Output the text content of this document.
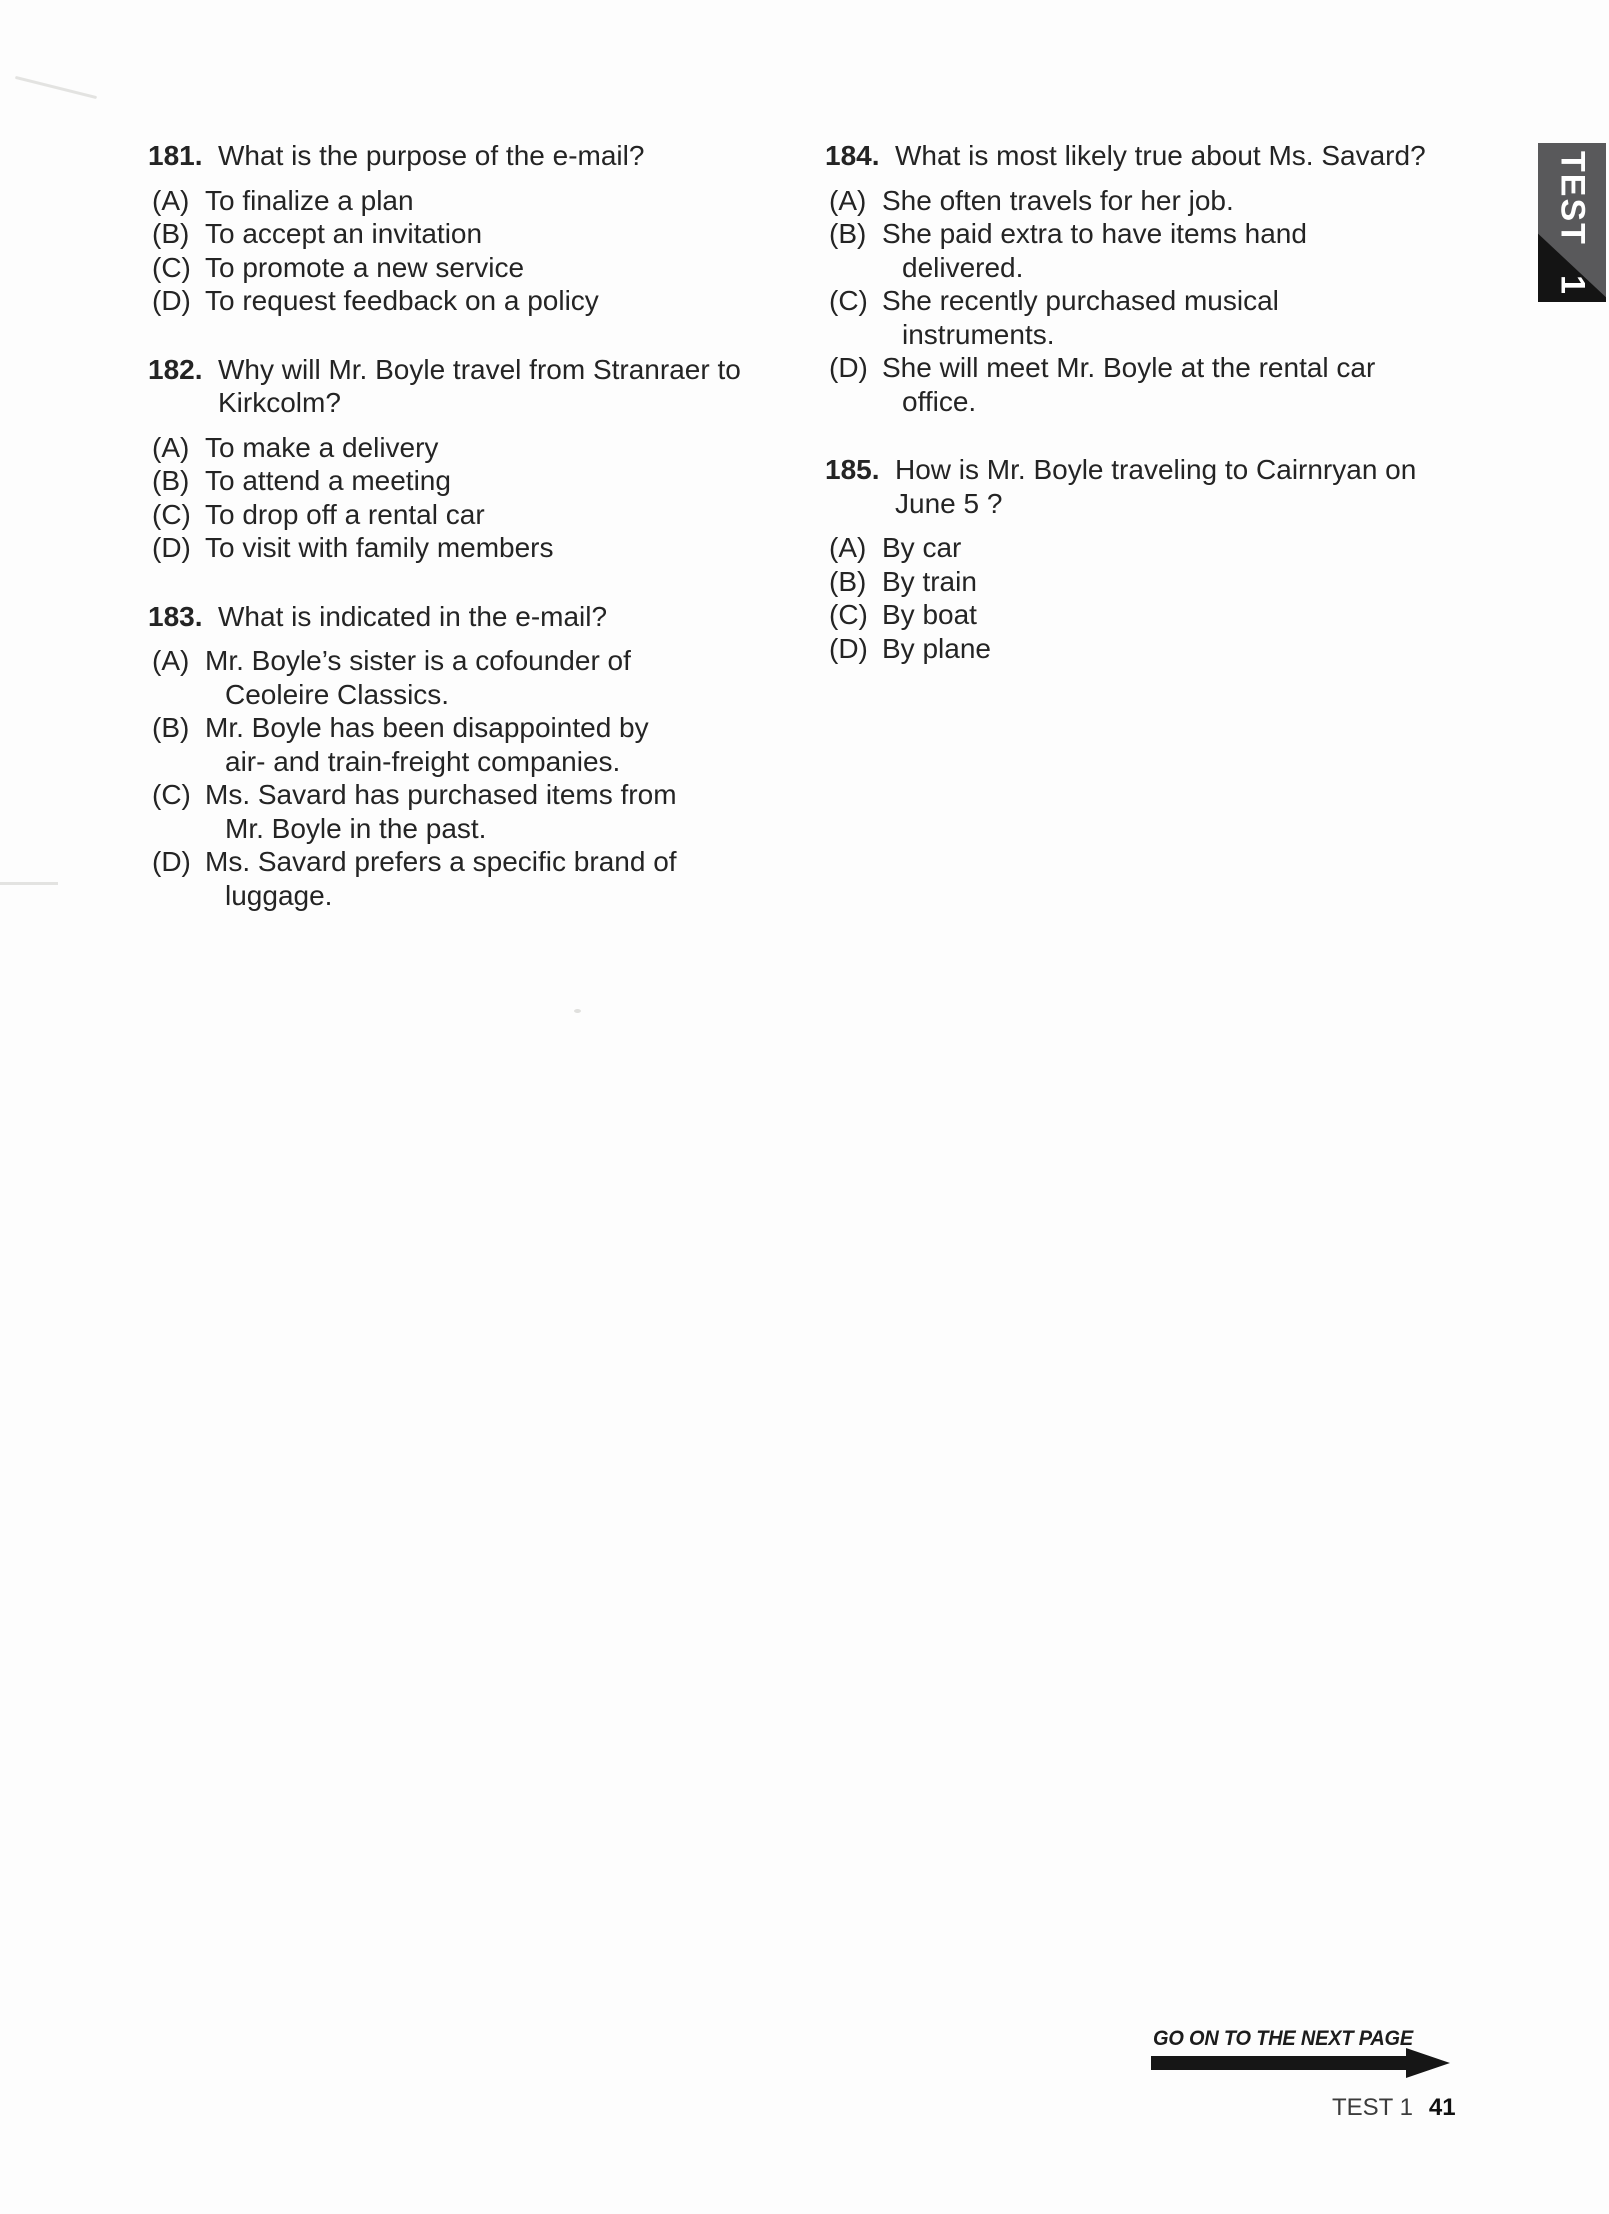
181. What is the purpose of the e-mail?
(A) To finalize a plan
(B) To accept an invitation
(C) To promote a new service
(D) To request feedback on a policy
182. Why will Mr. Boyle travel from Stranraer to
Kirkcolm?
(A) To make a delivery
(B) To attend a meeting
(C) To drop off a rental car
(D) To visit with family members
183. What is indicated in the e-mail?
(A) Mr. Boyle’s sister is a cofounder of
Ceoleire Classics.
(B) Mr. Boyle has been disappointed by
air- and train-freight companies.
(C) Ms. Savard has purchased items from
Mr. Boyle in the past.
(D) Ms. Savard prefers a specific brand of
luggage.
184. What is most likely true about Ms. Savard?
(A) She often travels for her job.
(B) She paid extra to have items hand
delivered.
(C) She recently purchased musical
instruments.
(D) She will meet Mr. Boyle at the rental car
office.
185. How is Mr. Boyle traveling to Cairnryan on
June 5 ?
(A) By car
(B) By train
(C) By boat
(D) By plane
TEST
1
GO ON TO THE NEXT PAGE
TEST 1 41
